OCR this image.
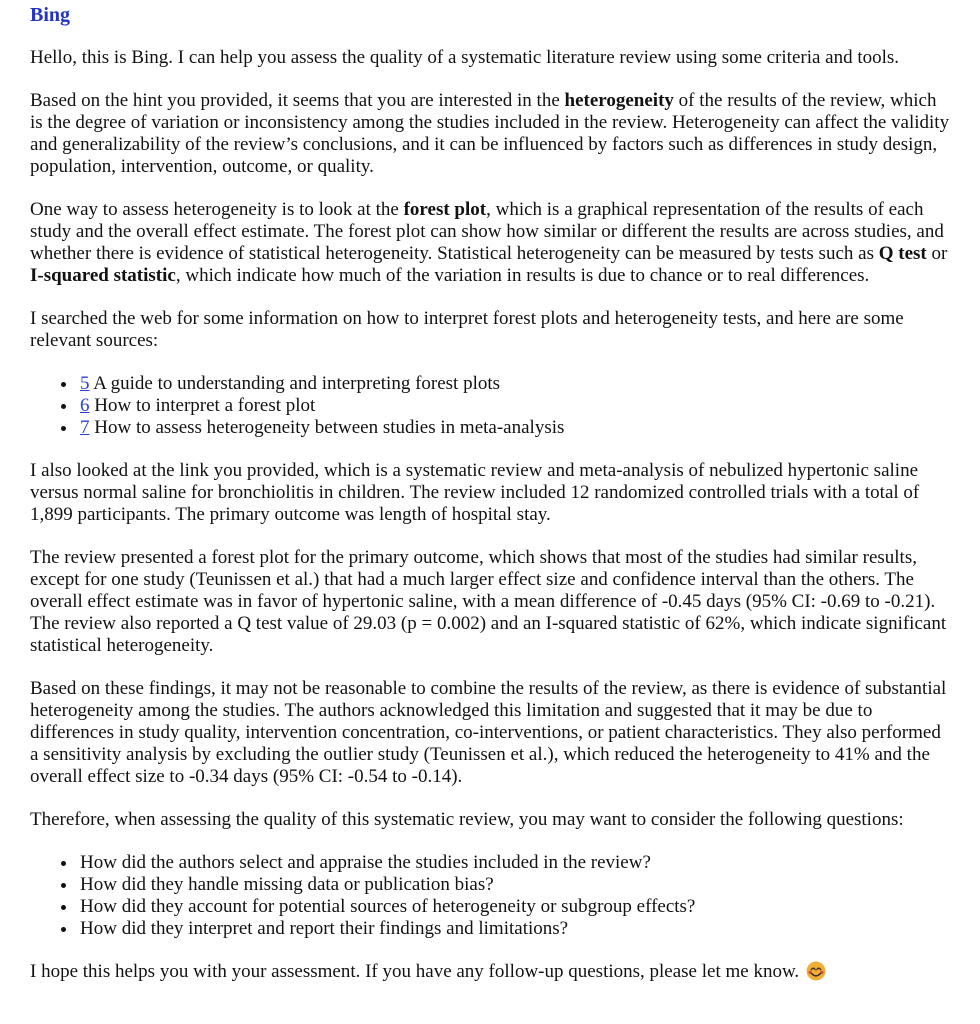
Bing

Hello, this is Bing. I can help you assess the quality of a systematic literature review using some criteria and tools.

Based on the hint you provided, it seems that you are interested in the heterogeneity of the results of the review, which is the degree of variation or inconsistency among the studies included in the review. Heterogeneity can affect the validity and generalizability of the review’s conclusions, and it can be influenced by factors such as differences in study design, population, intervention, outcome, or quality.

One way to assess heterogeneity is to look at the forest plot, which is a graphical representation of the results of each study and the overall effect estimate. The forest plot can show how similar or different the results are across studies, and whether there is evidence of statistical heterogeneity. Statistical heterogeneity can be measured by tests such as Q test or I-squared statistic, which indicate how much of the variation in results is due to chance or to real differences.

I searched the web for some information on how to interpret forest plots and heterogeneity tests, and here are some relevant sources:

• 5 A guide to understanding and interpreting forest plots
• 6 How to interpret a forest plot
• 7 How to assess heterogeneity between studies in meta-analysis

I also looked at the link you provided, which is a systematic review and meta-analysis of nebulized hypertonic saline versus normal saline for bronchiolitis in children. The review included 12 randomized controlled trials with a total of 1,899 participants. The primary outcome was length of hospital stay.

The review presented a forest plot for the primary outcome, which shows that most of the studies had similar results, except for one study (Teunissen et al.) that had a much larger effect size and confidence interval than the others. The overall effect estimate was in favor of hypertonic saline, with a mean difference of -0.45 days (95% CI: -0.69 to -0.21). The review also reported a Q test value of 29.03 (p = 0.002) and an I-squared statistic of 62%, which indicate significant statistical heterogeneity.

Based on these findings, it may not be reasonable to combine the results of the review, as there is evidence of substantial heterogeneity among the studies. The authors acknowledged this limitation and suggested that it may be due to differences in study quality, intervention concentration, co-interventions, or patient characteristics. They also performed a sensitivity analysis by excluding the outlier study (Teunissen et al.), which reduced the heterogeneity to 41% and the overall effect size to -0.34 days (95% CI: -0.54 to -0.14).

Therefore, when assessing the quality of this systematic review, you may want to consider the following questions:

• How did the authors select and appraise the studies included in the review?
• How did they handle missing data or publication bias?
• How did they account for potential sources of heterogeneity or subgroup effects?
• How did they interpret and report their findings and limitations?

I hope this helps you with your assessment. If you have any follow-up questions, please let me know.
